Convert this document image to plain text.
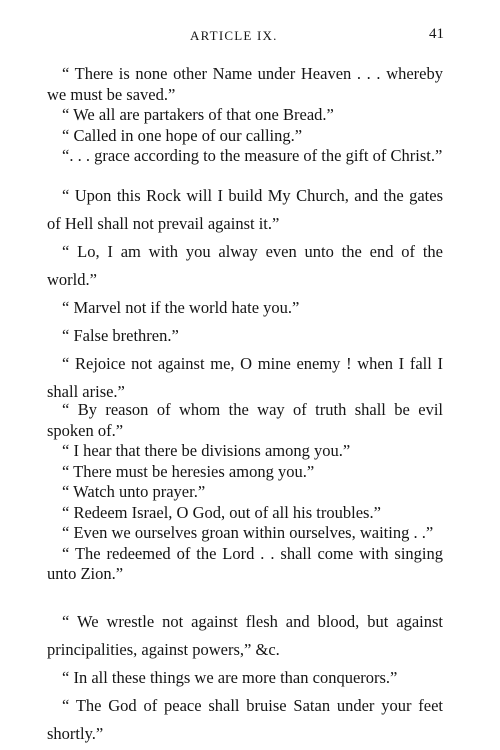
ARTICLE IX.	41

“ There is none other Name under Heaven . . . whereby we must be saved.”

“ We all are partakers of that one Bread.”

“ Called in one hope of our calling.”

“. . . grace according to the measure of the gift of Christ.”

“ Upon this Rock will I build My Church, and the gates of Hell shall not prevail against it.”

“ Lo, I am with you alway even unto the end of the world.”

“ Marvel not if the world hate you.”

“ False brethren.”

“ Rejoice not against me, O mine enemy ! when I fall I shall arise.”

“ By reason of whom the way of truth shall be evil spoken of.”

“ I hear that there be divisions among you.”

“ There must be heresies among you.”

“ Watch unto prayer.”

“ Redeem Israel, O God, out of all his troubles.”

“ Even we ourselves groan within ourselves, waiting . .”

“ The redeemed of the Lord . . shall come with singing unto Zion.”

“ We wrestle not against flesh and blood, but against principalities, against powers,” &c.

“ In all these things we are more than conquerors.”

“ The God of peace shall bruise Satan under your feet shortly.”
